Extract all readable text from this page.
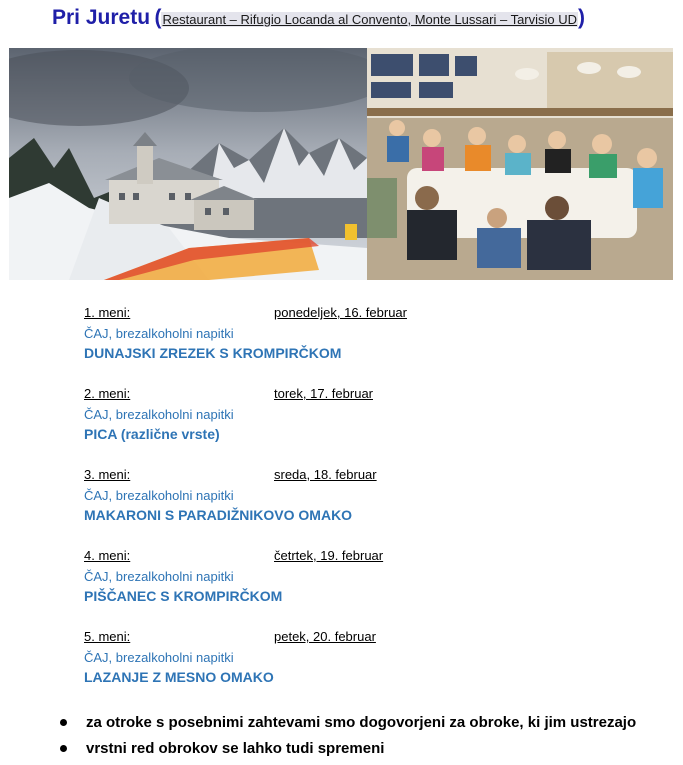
Pri Juretu (Restaurant – Rifugio Locanda al Convento, Monte Lussari – Tarvisio UD)
1. meni:	ponedeljek, 16. februar
ČAJ, brezalkoholni napitki
DUNAJSKI ZREZEK S KROMPIRČKOM
2. meni:	torek, 17. februar
ČAJ, brezalkoholni napitki
PICA (različne vrste)
3. meni:	sreda, 18. februar
ČAJ, brezalkoholni napitki
MAKARONI S PARADIŽNIKOVO OMAKO
4. meni:	četrtek, 19. februar
ČAJ, brezalkoholni napitki
PIŠČANEC S KROMPIRČKOM
5. meni:	petek, 20. februar
ČAJ, brezalkoholni napitki
LAZANJE Z MESNO OMAKO
za otroke s posebnimi zahtevami smo dogovorjeni za obroke, ki jim ustrezajo
vrstni red obrokov se lahko tudi spremeni
